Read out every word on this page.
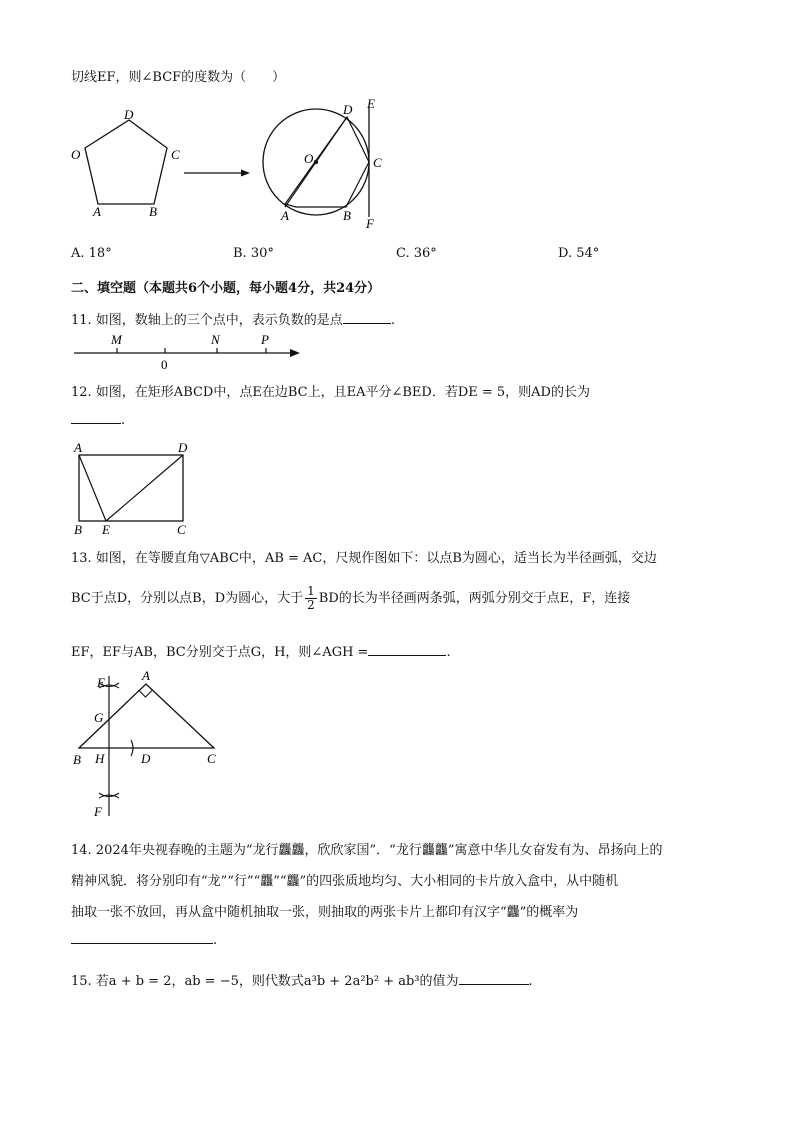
切线EF，则∠BCF的度数为（　　）
D
O	C
A	B
D E
O	C
A	B
F
A. 18°	B. 30°	C. 36°	D. 54°
二、填空题（本题共6个小题，每小题4分，共24分）
11. 如图，数轴上的三个点中，表示负数的是点	.
M	N	P
0
12. 如图，在矩形ABCD中，点E在边BC上，且EA平分∠BED．若DE = 5，则AD的长为
.
A	D
B E	C
13. 如图，在等腰直角▽ABC中，AB = AC，尺规作图如下：以点B为圆心，适当长为半径画弧，交边
BC于点D，分别以点B，D为圆心，大于 $\frac{1}{2}$ BD的长为半径画两条弧，两弧分别交于点E，F，连接
EF，EF与AB，BC分别交于点G，H，则∠AGH =	.
E	A
G
B H	D	C
F
14. 2024年央视春晚的主题为“龙行龘龘，欣欣家国”．“龙行龘龘”寓意中华儿女奋发有为、昂扬向上的
精神风貌．将分别印有“龙”“行”“龘”“龘”的四张质地均匀、大小相同的卡片放入盒中，从中随机
抽取一张不放回，再从盒中随机抽取一张，则抽取的两张卡片上都印有汉字“龘”的概率为
.
15. 若a + b = 2，ab = −5，则代数式a³b + 2a²b² + ab³的值为	.
